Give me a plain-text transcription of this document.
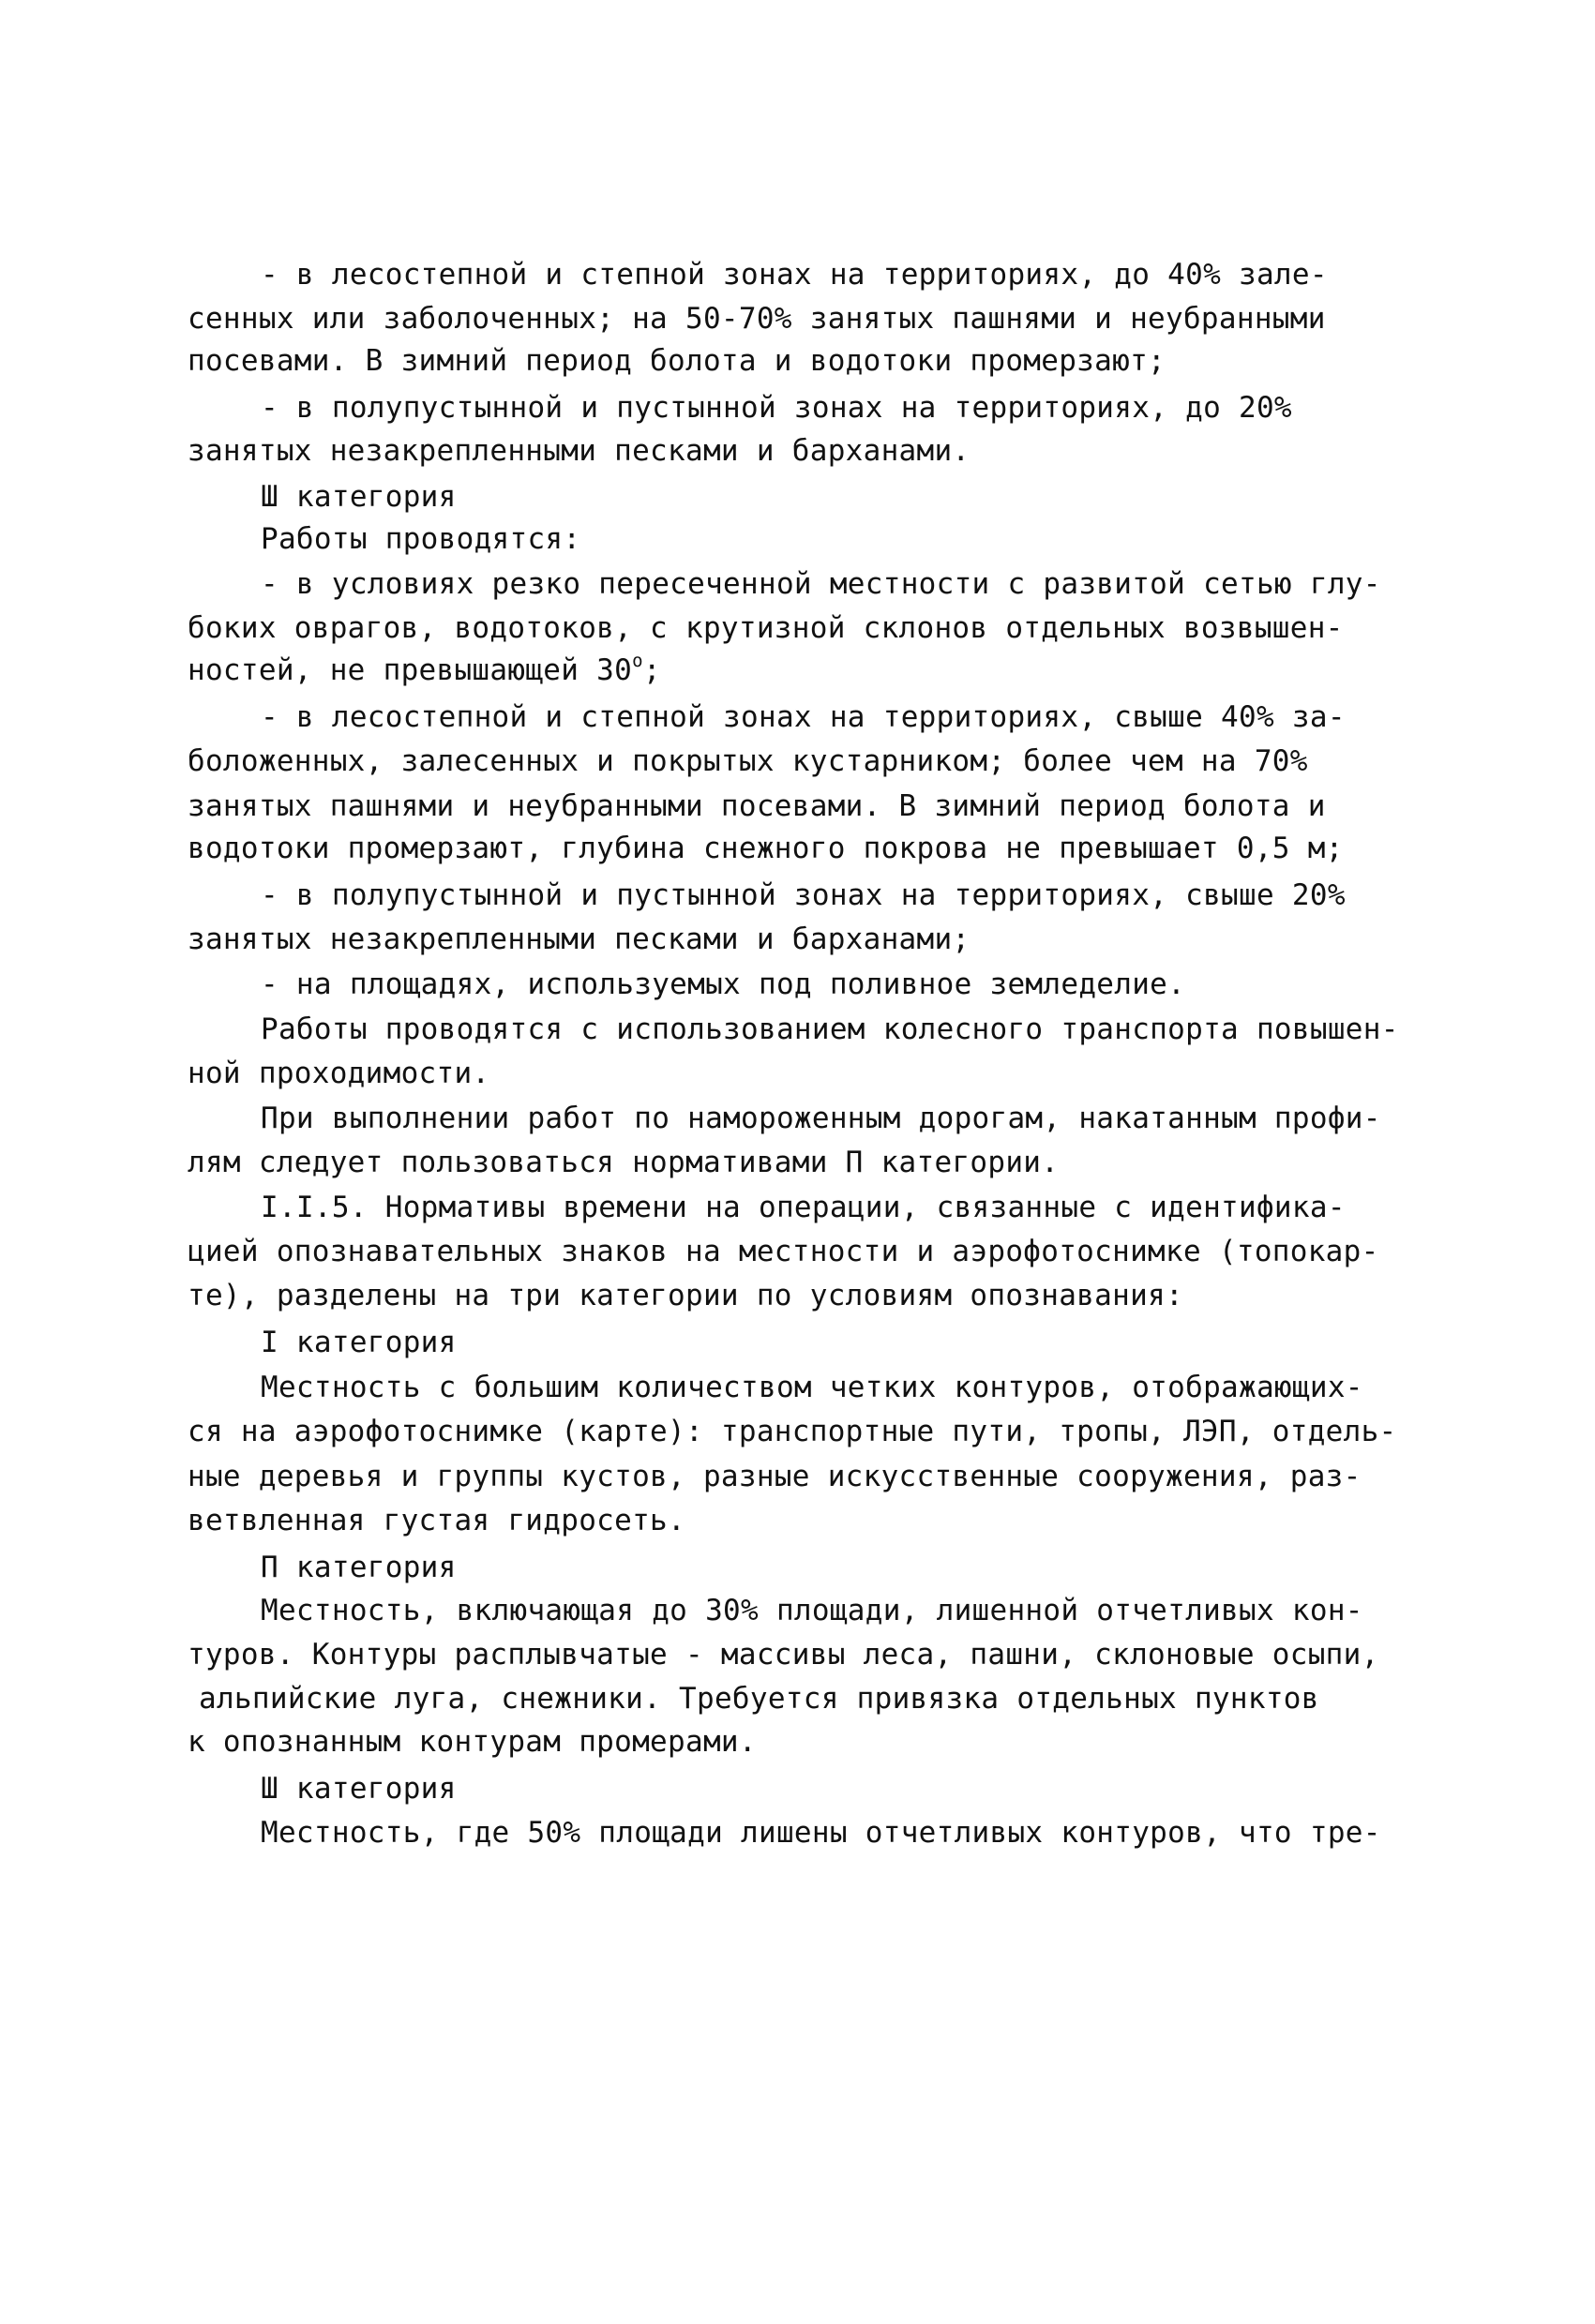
- в лесостепной и степной зонах на территориях, до 40% зале-
сенных или заболоченных; на 50-70% занятых пашнями и неубранными
посевами. В зимний период болота и водотоки промерзают;
- в полупустынной и пустынной зонах на территориях, до 20%
занятых незакрепленными песками и барханами.
Ш категория
Работы проводятся:
- в условиях резко пересеченной местности с развитой сетью глу-
боких оврагов, водотоков, с крутизной склонов отдельных возвышен-
ностей, не превышающей 30$^o$;
- в лесостепной и степной зонах на территориях, свыше 40% за-
боложенных, залесенных и покрытых кустарником; более чем на 70%
занятых пашнями и неубранными посевами. В зимний период болота и
водотоки промерзают, глубина снежного покрова не превышает 0,5 м;
- в полупустынной и пустынной зонах на территориях, свыше 20%
занятых незакрепленными песками и барханами;
- на площадях, используемых под поливное земледелие.
Работы проводятся с использованием колесного транспорта повышен-
ной проходимости.
При выполнении работ по намороженным дорогам, накатанным профи-
лям следует пользоваться нормативами П категории.
I.I.5. Нормативы времени на операции, связанные с идентифика-
цией опознавательных знаков на местности и аэрофотоснимке (топокар-
те), разделены на три категории по условиям опознавания:
I категория
Местность с большим количеством четких контуров, отображающих-
ся на аэрофотоснимке (карте): транспортные пути, тропы, ЛЭП, отдель-
ные деревья и группы кустов, разные искусственные сооружения, раз-
ветвленная густая гидросеть.
П категория
Местность, включающая до 30% площади, лишенной отчетливых кон-
туров. Контуры расплывчатые - массивы леса, пашни, склоновые осыпи,
альпийские луга, снежники. Требуется привязка отдельных пунктов
к опознанным контурам промерами.
Ш категория
Местность, где 50% площади лишены отчетливых контуров, что тре-
